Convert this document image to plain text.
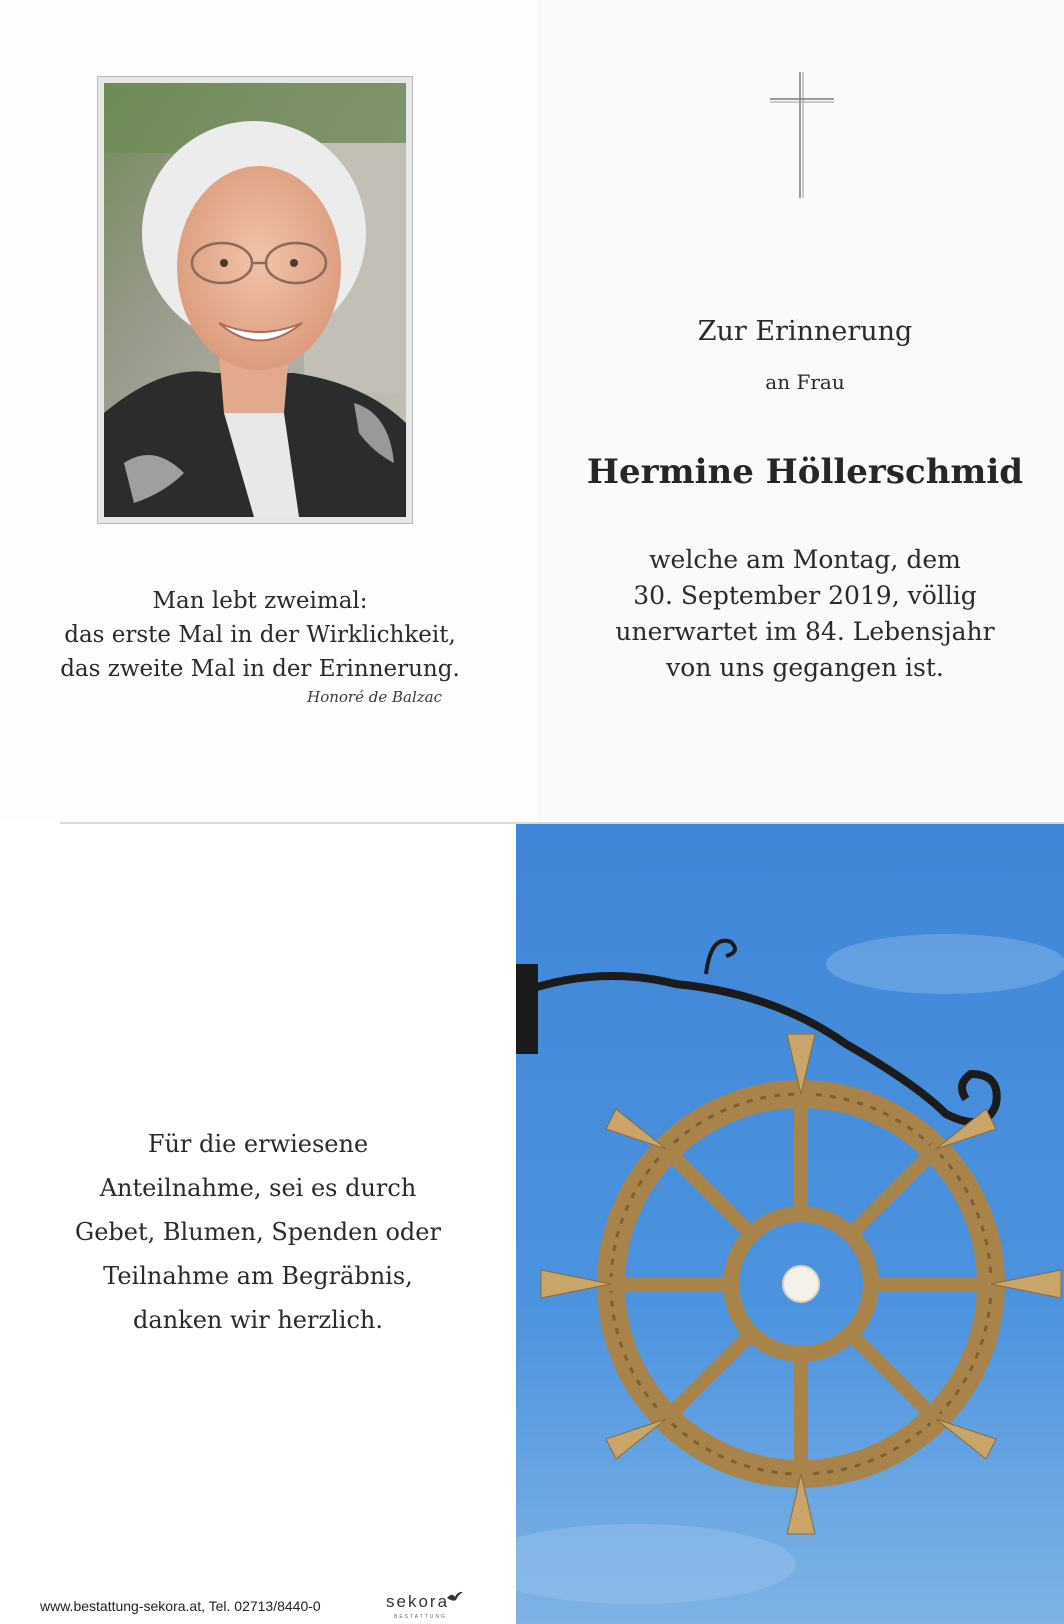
Man lebt zweimal:
das erste Mal in der Wirklichkeit,
das zweite Mal in der Erinnerung.
Honoré de Balzac
Zur Erinnerung
an Frau
Hermine Höllerschmid
welche am Montag, dem
30. September 2019, völlig
unerwartet im 84. Lebensjahr
von uns gegangen ist.
Für die erwiesene
Anteilnahme, sei es durch
Gebet, Blumen, Spenden oder
Teilnahme am Begräbnis,
danken wir herzlich.
www.bestattung-sekora.at, Tel. 02713/8440-0	sekora
BESTATTUNG
